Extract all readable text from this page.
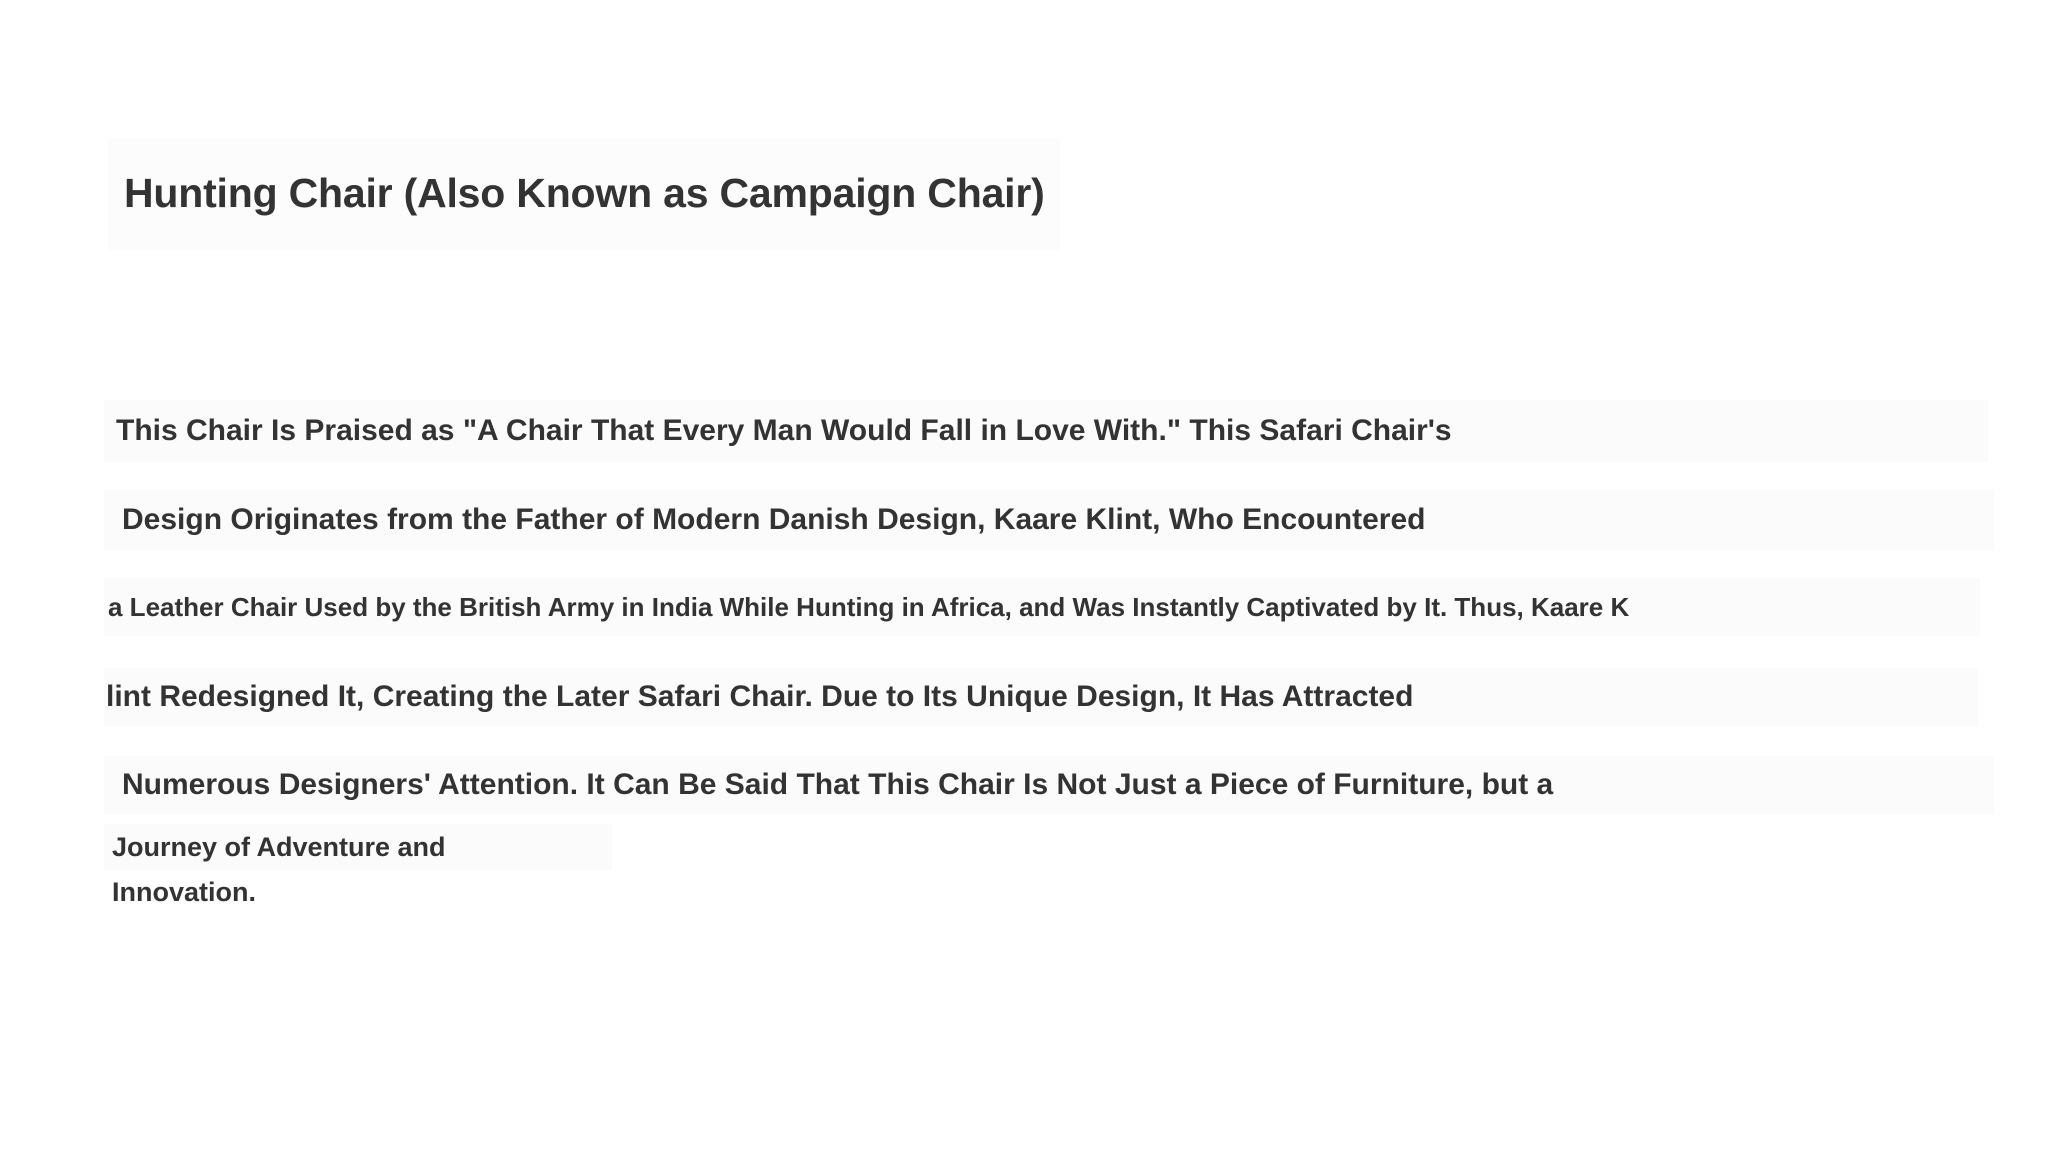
Hunting Chair (Also Known as Campaign Chair)
This Chair Is Praised as "A Chair That Every Man Would Fall in Love With." This Safari Chair's
Design Originates from the Father of Modern Danish Design, Kaare Klint, Who Encountered
a Leather Chair Used by the British Army in India While Hunting in Africa, and Was Instantly Captivated by It. Thus, Kaare K
lint Redesigned It, Creating the Later Safari Chair. Due to Its Unique Design, It Has Attracted
Numerous Designers' Attention. It Can Be Said That This Chair Is Not Just a Piece of Furniture, but a
Journey of Adventure and
Innovation.
